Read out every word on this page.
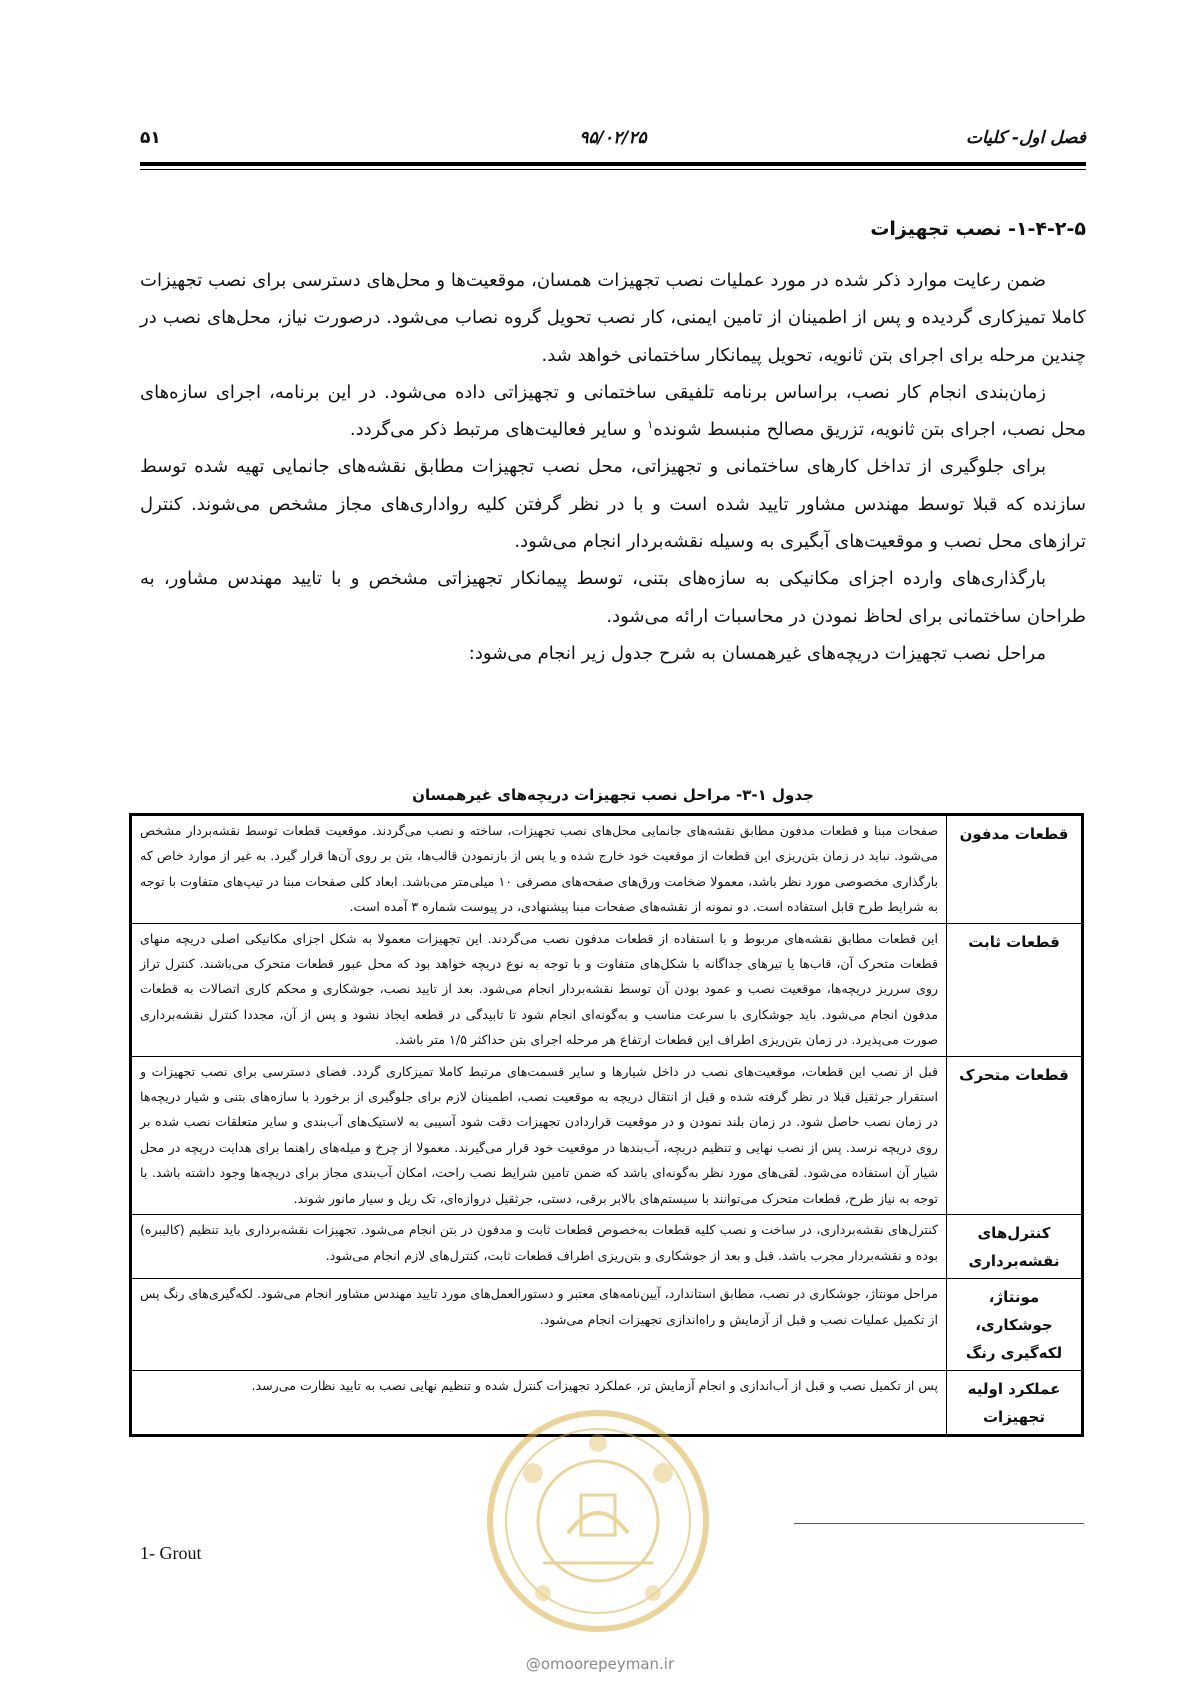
فصل اول- کلیات
۹۵/۰۲/۲۵
۵۱
۱-۴-۲-۵- نصب تجهیزات

ضمن رعایت موارد ذکر شده در مورد عملیات نصب تجهیزات همسان، موقعیت‌ها و محل‌های دسترسی برای نصب تجهیزات کاملا تمیزکاری گردیده و پس از اطمینان از تامین ایمنی، کار نصب تحویل گروه نصاب می‌شود. درصورت نیاز، محل‌های نصب در چندین مرحله برای اجرای بتن ثانویه، تحویل پیمانکار ساختمانی خواهد شد.

زمان‌بندی انجام کار نصب، براساس برنامه تلفیقی ساختمانی و تجهیزاتی داده می‌شود. در این برنامه، اجرای سازه‌های محل نصب، اجرای بتن ثانویه، تزریق مصالح منبسط شونده$^۱$ و سایر فعالیت‌های مرتبط ذکر می‌گردد.

برای جلوگیری از تداخل کارهای ساختمانی و تجهیزاتی، محل نصب تجهیزات مطابق نقشه‌های جانمایی تهیه شده توسط سازنده که قبلا توسط مهندس مشاور تایید شده است و با در نظر گرفتن کلیه رواداری‌های مجاز مشخص می‌شوند. کنترل ترازهای محل نصب و موقعیت‌های آبگیری به وسیله نقشه‌بردار انجام می‌شود.

بارگذاری‌های وارده اجزای مکانیکی به سازه‌های بتنی، توسط پیمانکار تجهیزاتی مشخص و با تایید مهندس مشاور، به طراحان ساختمانی برای لحاظ نمودن در محاسبات ارائه می‌شود.

مراحل نصب تجهیزات دریچه‌های غیرهمسان به شرح جدول زیر انجام می‌شود:

جدول ۱-۳- مراحل نصب تجهیزات دریچه‌های غیرهمسان
قطعات مدفون	صفحات مبنا و قطعات مدفون مطابق نقشه‌های جانمایی محل‌های نصب تجهیزات، ساخته و نصب می‌گردند. موقعیت قطعات توسط نقشه‌بردار مشخص می‌شود. نباید در زمان بتن‌ریزی این قطعات از موقعیت خود خارج شده و یا پس از بازنمودن قالب‌ها، بتن بر روی آن‌ها قرار گیرد. به غیر از موارد خاص که بارگذاری مخصوصی مورد نظر باشد، معمولا ضخامت ورق‌های صفحه‌های مصرفی ۱۰ میلی‌متر می‌باشد. ابعاد کلی صفحات مبنا در تیپ‌های متفاوت با توجه به شرایط طرح قابل استفاده است. دو نمونه از نقشه‌های صفحات مبنا پیشنهادی، در پیوست شماره ۳ آمده است.
قطعات ثابت	این قطعات مطابق نقشه‌های مربوط و با استفاده از قطعات مدفون نصب می‌گردند. این تجهیزات معمولا به شکل اجزای مکانیکی اصلی دریچه منهای قطعات متحرک آن، قاب‌ها یا تیرهای جداگانه با شکل‌های متفاوت و با توجه به نوع دریچه خواهد بود که محل عبور قطعات متحرک می‌باشند. کنترل تراز روی سرریز دریچه‌ها، موقعیت نصب و عمود بودن آن توسط نقشه‌بردار انجام می‌شود. بعد از تایید نصب، جوشکاری و محکم کاری اتصالات به قطعات مدفون انجام می‌شود. باید جوشکاری با سرعت مناسب و به‌گونه‌ای انجام شود تا تابیدگی در قطعه ایجاد نشود و پس از آن، مجددا کنترل نقشه‌برداری صورت می‌پذیرد. در زمان بتن‌ریزی اطراف این قطعات ارتفاع هر مرحله اجرای بتن حداکثر ۱/۵ متر باشد.
قطعات متحرک	قبل از نصب این قطعات، موقعیت‌های نصب در داخل شیارها و سایر قسمت‌های مرتبط کاملا تمیزکاری گردد. فضای دسترسی برای نصب تجهیزات و استقرار جرثقیل قبلا در نظر گرفته شده و قبل از انتقال دریچه به موقعیت نصب، اطمینان لازم برای جلوگیری از برخورد با سازه‌های بتنی و شیار دریچه‌ها در زمان نصب حاصل شود. در زمان بلند نمودن و در موقعیت قراردادن تجهیزات دقت شود آسیبی به لاستیک‌های آب‌بندی و سایر متعلقات نصب شده بر روی دریچه نرسد. پس از نصب نهایی و تنظیم دریچه، آب‌بندها در موقعیت خود قرار می‌گیرند. معمولا از چرخ و میله‌های راهنما برای هدایت دریچه در محل شیار آن استفاده می‌شود. لقی‌های مورد نظر به‌گونه‌ای باشد که ضمن تامین شرایط نصب راحت، امکان آب‌بندی مجاز برای دریچه‌ها وجود داشته باشد. با توجه به نیاز طرح، قطعات متحرک می‌توانند با سیستم‌های بالابر برقی، دستی، جرثقیل دروازه‌ای، تک ریل و سیار مانور شوند.
کنترل‌های نقشه‌برداری	کنترل‌های نقشه‌برداری، در ساخت و نصب کلیه قطعات به‌خصوص قطعات ثابت و مدفون در بتن انجام می‌شود. تجهیزات نقشه‌برداری باید تنظیم (کالیبره) بوده و نقشه‌بردار مجرب باشد. قبل و بعد از جوشکاری و بتن‌ریزی اطراف قطعات ثابت، کنترل‌های لازم انجام می‌شود.
مونتاژ، جوشکاری، لکه‌گیری رنگ	مراحل مونتاژ، جوشکاری در نصب، مطابق استاندارد، آیین‌نامه‌های معتبر و دستورالعمل‌های مورد تایید مهندس مشاور انجام می‌شود. لکه‌گیری‌های رنگ پس از تکمیل عملیات نصب و قبل از آزمایش و راه‌اندازی تجهیزات انجام می‌شود.
عملکرد اولیه تجهیزات	پس از تکمیل نصب و قبل از آب‌اندازی و انجام آزمایش تر، عملکرد تجهیزات کنترل شده و تنظیم نهایی نصب به تایید نظارت می‌رسد.
1- Grout
@omoorepeyman.ir
